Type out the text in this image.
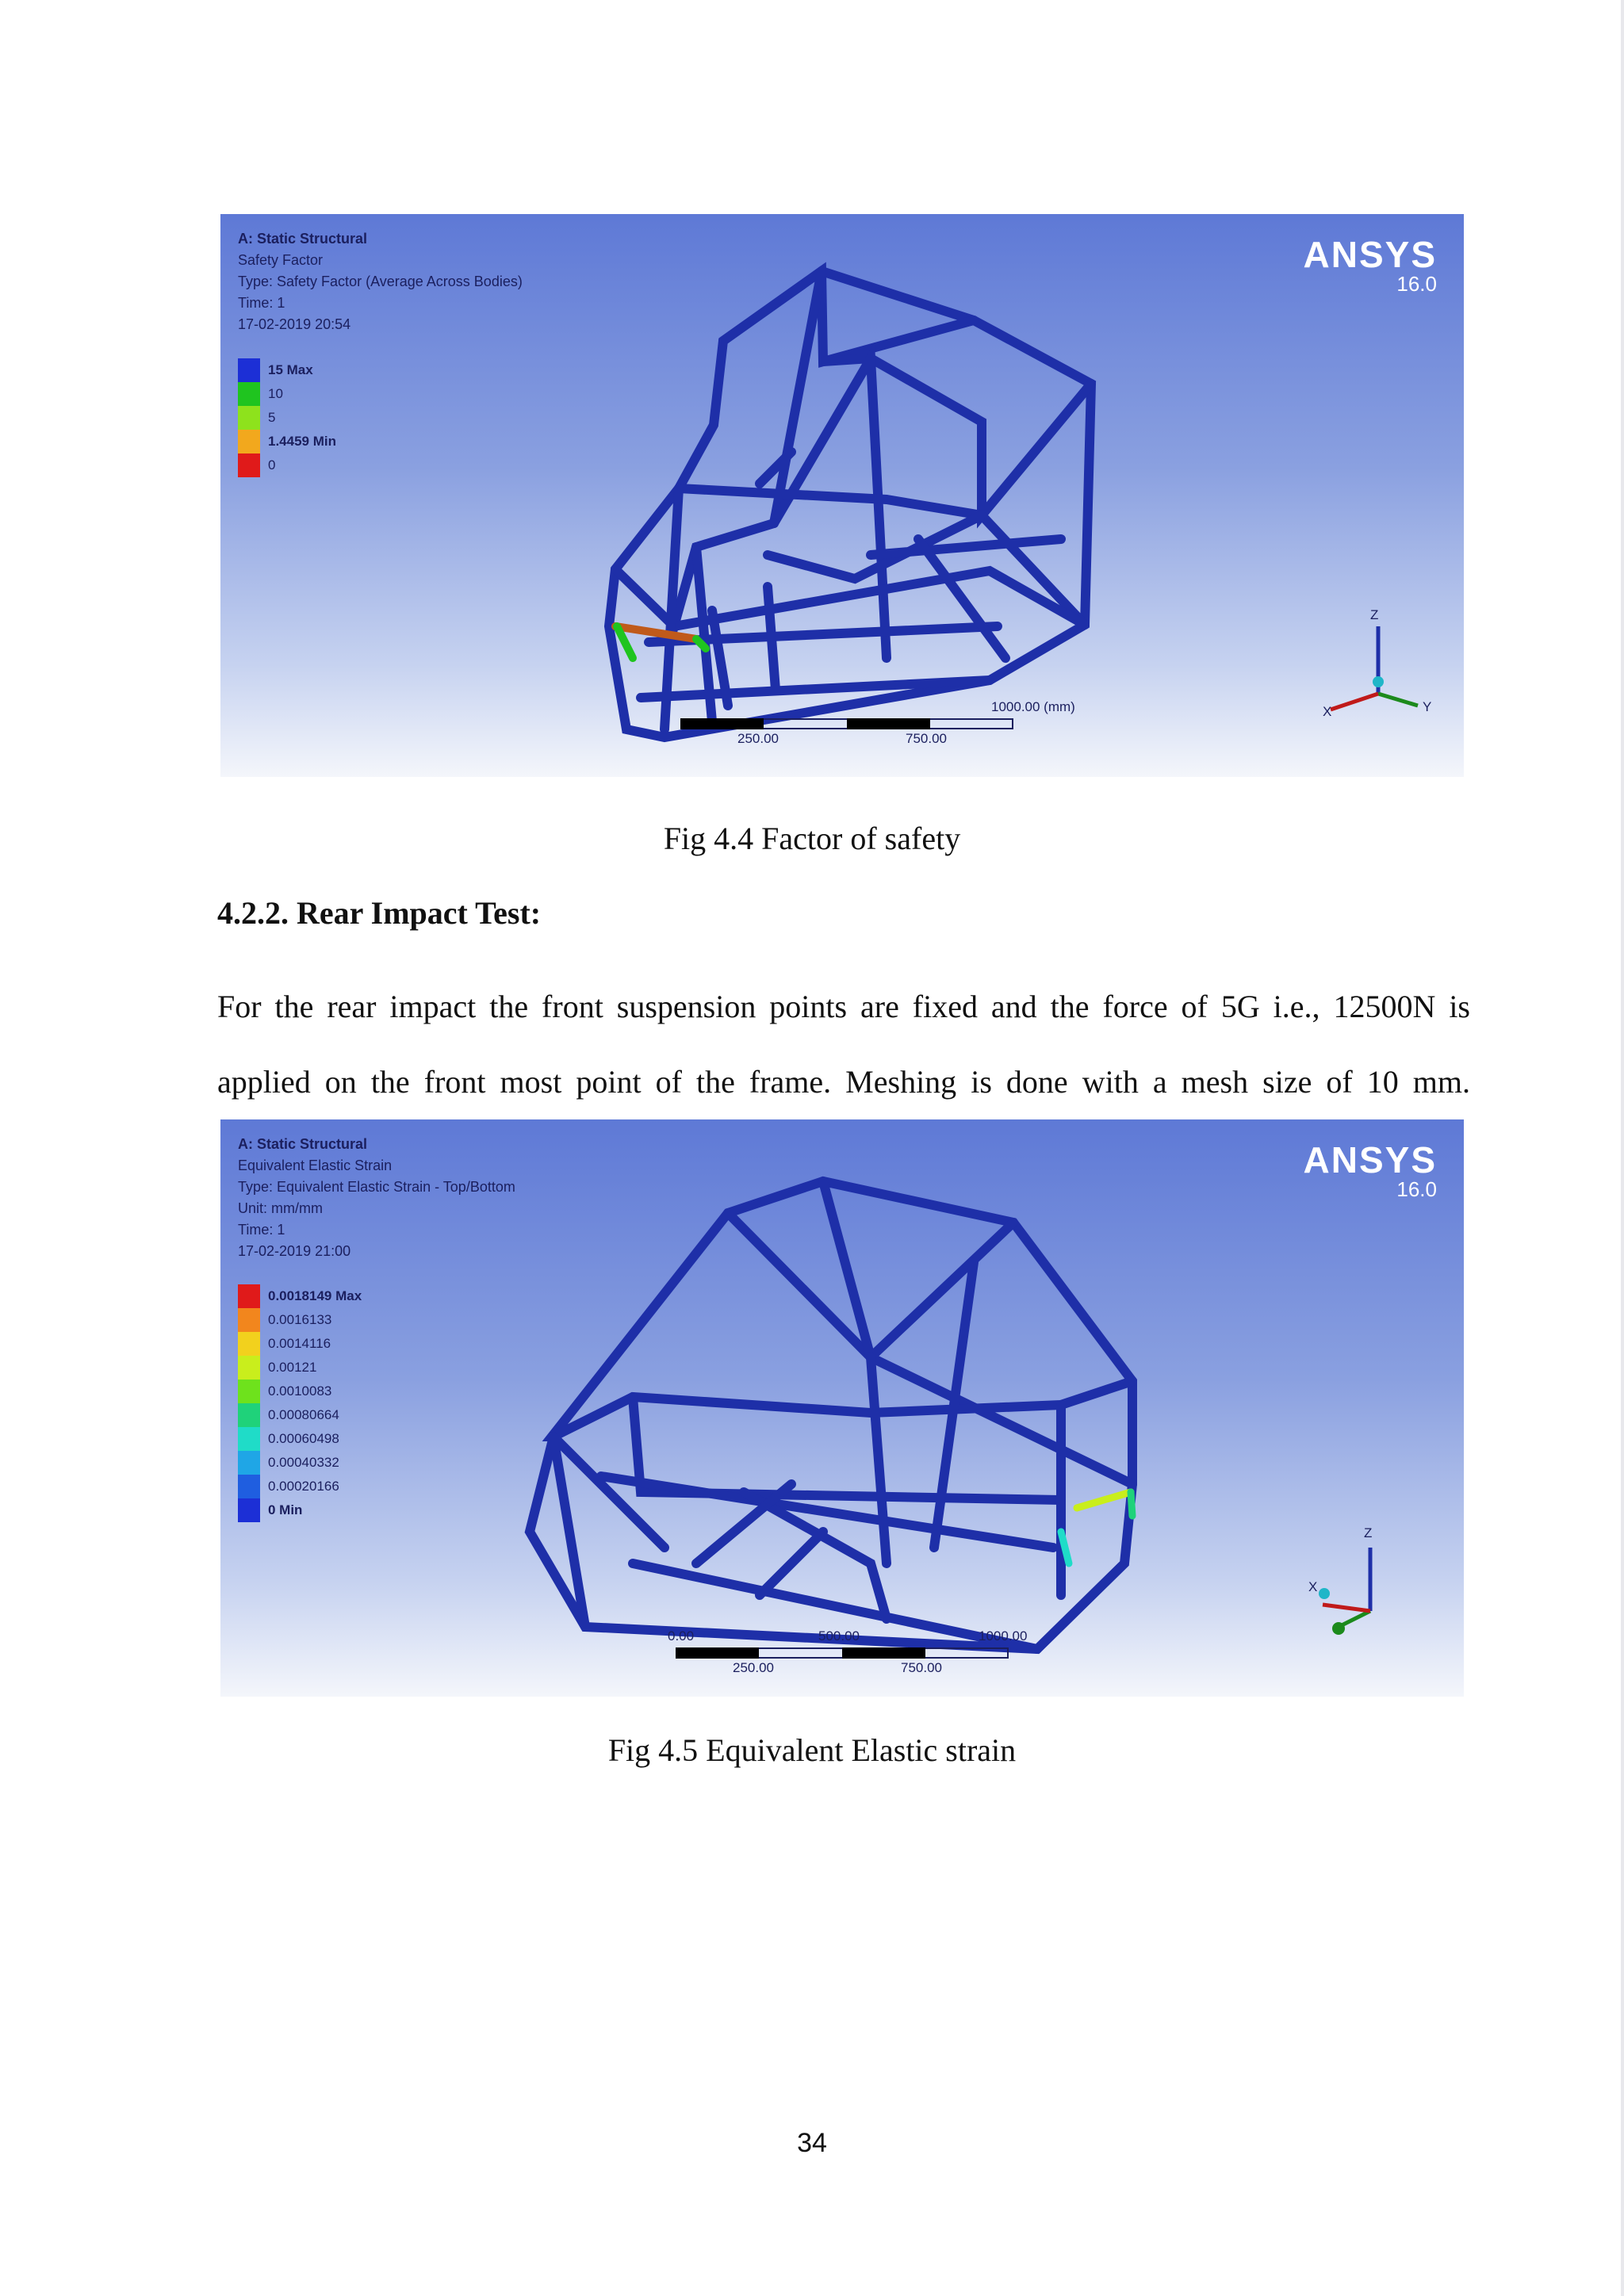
A: Static Structural
Safety Factor
Type: Safety Factor (Average Across Bodies)
Time: 1
17-02-2019 20:54
15 Max
10
5
1.4459 Min
0
ANSYS
16.0
1000.00 (mm)
250.00	750.00
Z
Y
X
Fig 4.4 Factor of safety
4.2.2. Rear Impact Test:
For the rear impact the front suspension points are fixed and the force of 5G i.e., 12500N is applied on the front most point of the frame. Meshing is done with a mesh size of 10 mm.
A: Static Structural
Equivalent Elastic Strain
Type: Equivalent Elastic Strain - Top/Bottom
Unit: mm/mm
Time: 1
17-02-2019 21:00
0.0018149 Max
0.0016133
0.0014116
0.00121
0.0010083
0.00080664
0.00060498
0.00040332
0.00020166
0 Min
ANSYS
16.0
0.00	500.00	1000.00
250.00	750.00
Z
X
Fig 4.5 Equivalent Elastic strain
34
